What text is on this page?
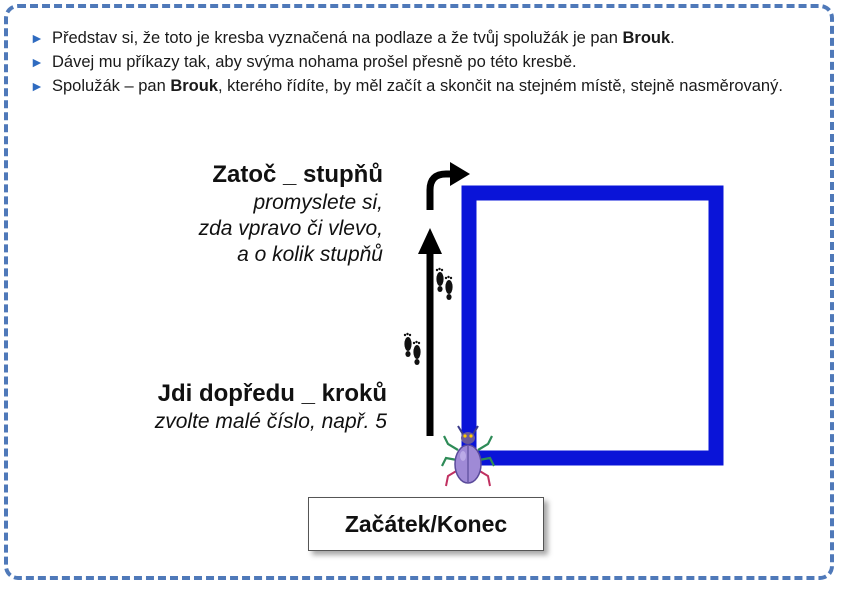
► Představ si, že toto je kresba vyznačená na podlaze a že tvůj spolužák je pan Brouk.
► Dávej mu příkazy tak, aby svýma nohama prošel přesně po této kresbě.
► Spolužák – pan Brouk, kterého řídíte, by měl začít a skončit na stejném místě, stejně nasměrovaný.
Zatoč _ stupňů
promyslete si,
zda vpravo či vlevo,
a o kolik stupňů
Jdi dopředu _ kroků
zvolte malé číslo, např. 5
Začátek/Konec
